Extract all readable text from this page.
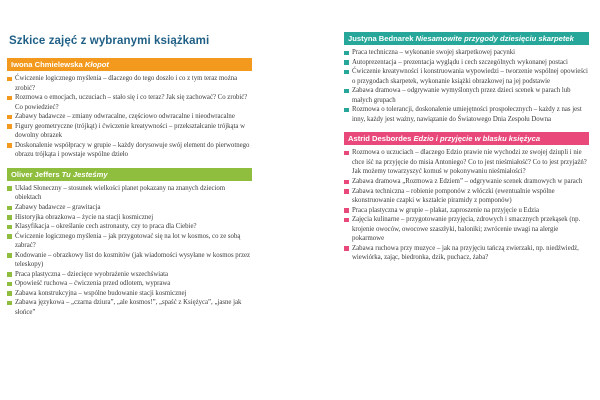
Szkice zajęć z wybranymi książkami
Iwona Chmielewska Kłopot
Ćwiczenie logicznego myślenia – dlaczego do tego doszło i co z tym teraz można zrobić?
Rozmowa o emocjach, uczuciach – stało się i co teraz? Jak się zachować? Co zrobić? Co powiedzieć?
Zabawy badawcze – zmiany odwracalne, częściowo odwracalne i nieodwracalne
Figury geometryczne (trójkąt) i ćwiczenie kreatywności – przekształcanie trójkąta w dowolny obrazek
Doskonalenie współpracy w grupie – każdy dorysowuje swój element do pierwotnego obrazu trójkąta i powstaje wspólne dzieło
Oliver Jeffers Tu Jesteśmy
Układ Słoneczny – stosunek wielkości planet pokazany na znanych dzieciom obiektach
Zabawy badawcze – grawitacja
Historyjka obrazkowa – życie na stacji kosmicznej
Klasyfikacja – określanie cech astronauty, czy to praca dla Ciebie?
Ćwiczenie logicznego myślenia – jak przygotować się na lot w kosmos, co ze sobą zabrać?
Kodowanie – obrazkowy list do kosmitów (jak wiadomości wysyłane w kosmos przez teleskopy)
Praca plastyczna – dziecięce wyobrażenie wszechświata
Opowieść ruchowa – ćwiczenia przed odlotem, wyprawa
Zabawa konstrukcyjna – wspólne budowanie stacji kosmicznej
Zabawa językowa – „czarna dziura”, „ale kosmos!”, „spaść z Księżyca”, „jasne jak słońce”
Justyna Bednarek Niesamowite przygody dziesięciu skarpetek
Praca techniczna – wykonanie swojej skarpetkowej pacynki
Autoprezentacja – prezentacja wyglądu i cech szczególnych wykonanej postaci
Ćwiczenie kreatywności i konstruowania wypowiedzi – tworzenie wspólnej opowieści o przygodach skarpetek, wykonanie książki obrazkowej na jej podstawie
Zabawa dramowa – odgrywanie wymyślonych przez dzieci scenek w parach lub małych grupach
Rozmowa o tolerancji, doskonalenie umiejętności prospołecznych – każdy z nas jest inny, każdy jest ważny, nawiązanie do Światowego Dnia Zespołu Downa
Astrid Desbordes Edzio i przyjęcie w blasku księżyca
Rozmowa o uczuciach – dlaczego Edzio prawie nie wychodzi ze swojej dziupli i nie chce iść na przyjęcie do misia Antoniego? Co to jest nieśmiałość? Co to jest przyjaźń? Jak możemy towarzyszyć komuś w pokonywaniu nieśmiałości?
Zabawa dramowa „Rozmowa z Edziem” – odgrywanie scenek dramowych w parach
Zabawa techniczna – robienie pomponów z włóczki (ewentualnie wspólne skonstruowanie czapki w kształcie piramidy z pomponów)
Praca plastyczna w grupie – plakat, zaproszenie na przyjęcie u Edzia
Zajęcia kulinarne – przygotowanie przyjęcia, zdrowych i smacznych przekąsek (np. krojenie owoców, owocowe szaszłyki, baloniki; zwrócenie uwagi na alergie pokarmowe
Zabawa ruchowa przy muzyce – jak na przyjęciu tańczą zwierzaki, np. niedźwiedź, wiewiórka, zając, biedronka, dzik, puchacz, żaba?
